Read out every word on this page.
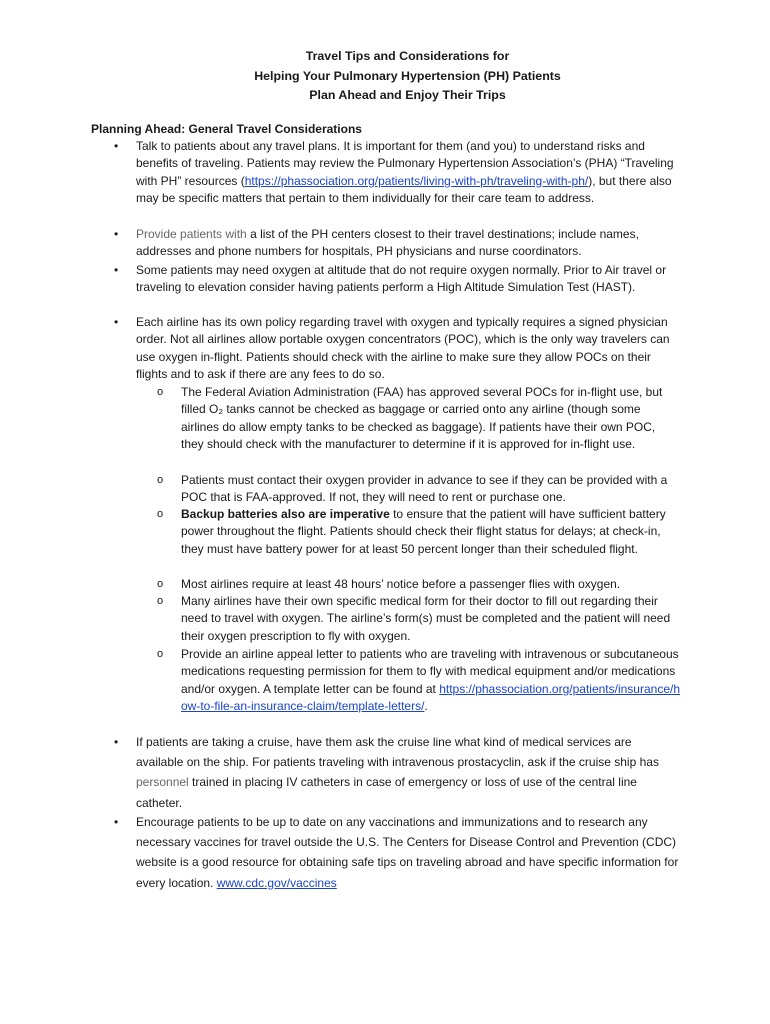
Travel Tips and Considerations for
Helping Your Pulmonary Hypertension (PH) Patients
Plan Ahead and Enjoy Their Trips
Planning Ahead: General Travel Considerations
• Talk to patients about any travel plans. It is important for them (and you) to understand risks and benefits of traveling. Patients may review the Pulmonary Hypertension Association’s (PHA) “Traveling with PH” resources (https://phassociation.org/patients/living-with-ph/traveling-with-ph/), but there also may be specific matters that pertain to them individually for their care team to address.
• Provide patients with a list of the PH centers closest to their travel destinations; include names, addresses and phone numbers for hospitals, PH physicians and nurse coordinators.
• Some patients may need oxygen at altitude that do not require oxygen normally. Prior to Air travel or traveling to elevation consider having patients perform a High Altitude Simulation Test (HAST).
• Each airline has its own policy regarding travel with oxygen and typically requires a signed physician order. Not all airlines allow portable oxygen concentrators (POC), which is the only way travelers can use oxygen in-flight. Patients should check with the airline to make sure they allow POCs on their flights and to ask if there are any fees to do so.
o The Federal Aviation Administration (FAA) has approved several POCs for in-flight use, but filled O₂ tanks cannot be checked as baggage or carried onto any airline (though some airlines do allow empty tanks to be checked as baggage). If patients have their own POC, they should check with the manufacturer to determine if it is approved for in-flight use.
o Patients must contact their oxygen provider in advance to see if they can be provided with a POC that is FAA-approved. If not, they will need to rent or purchase one.
o Backup batteries also are imperative to ensure that the patient will have sufficient battery power throughout the flight. Patients should check their flight status for delays; at check-in, they must have battery power for at least 50 percent longer than their scheduled flight.
o Most airlines require at least 48 hours’ notice before a passenger flies with oxygen.
o Many airlines have their own specific medical form for their doctor to fill out regarding their need to travel with oxygen. The airline’s form(s) must be completed and the patient will need their oxygen prescription to fly with oxygen.
o Provide an airline appeal letter to patients who are traveling with intravenous or subcutaneous medications requesting permission for them to fly with medical equipment and/or medications and/or oxygen. A template letter can be found at https://phassociation.org/patients/insurance/how-to-file-an-insurance-claim/template-letters/.
• If patients are taking a cruise, have them ask the cruise line what kind of medical services are available on the ship. For patients traveling with intravenous prostacyclin, ask if the cruise ship has personnel trained in placing IV catheters in case of emergency or loss of use of the central line catheter.
• Encourage patients to be up to date on any vaccinations and immunizations and to research any necessary vaccines for travel outside the U.S. The Centers for Disease Control and Prevention (CDC) website is a good resource for obtaining safe tips on traveling abroad and have specific information for every location. www.cdc.gov/vaccines
